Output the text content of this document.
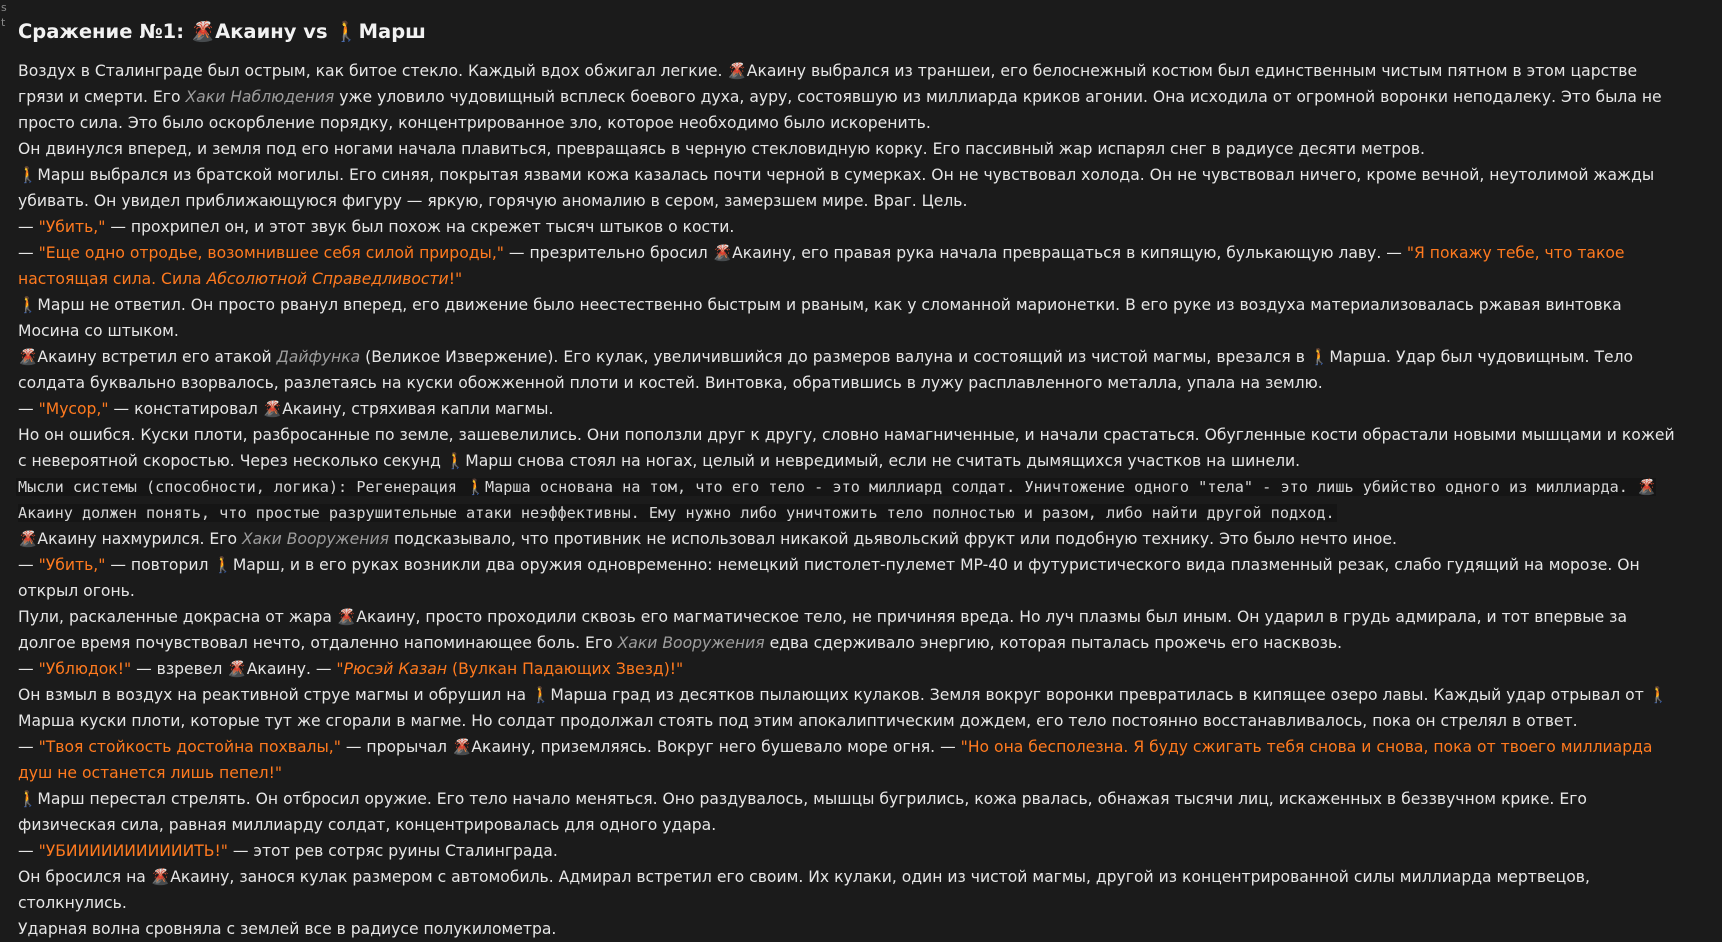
s
t Сражение №1: 🌋Акаину vs 🚶Марш

Воздух в Сталинграде был острым, как битое стекло. Каждый вдох обжигал легкие. 🌋Акаину выбрался из траншеи, его белоснежный костюм был единственным чистым пятном в этом царстве грязи и смерти. Его Хаки Наблюдения уже уловило чудовищный всплеск боевого духа, ауру, состоявшую из миллиарда криков агонии. Она исходила от огромной воронки неподалеку. Это была не просто сила. Это было оскорбление порядку, концентрированное зло, которое необходимо было искоренить.

Он двинулся вперед, и земля под его ногами начала плавиться, превращаясь в черную стекловидную корку. Его пассивный жар испарял снег в радиусе десяти метров.

🚶Марш выбрался из братской могилы. Его синяя, покрытая язвами кожа казалась почти черной в сумерках. Он не чувствовал холода. Он не чувствовал ничего, кроме вечной, неутолимой жажды убивать. Он увидел приближающуюся фигуру — яркую, горячую аномалию в сером, замерзшем мире. Враг. Цель.

— "Убить," — прохрипел он, и этот звук был похож на скрежет тысяч штыков о кости.

— "Еще одно отродье, возомнившее себя силой природы," — презрительно бросил 🌋Акаину, его правая рука начала превращаться в кипящую, булькающую лаву. — "Я покажу тебе, что такое настоящая сила. Сила Абсолютной Справедливости!"

🚶Марш не ответил. Он просто рванул вперед, его движение было неестественно быстрым и рваным, как у сломанной марионетки. В его руке из воздуха материализовалась ржавая винтовка Мосина со штыком.

🌋Акаину встретил его атакой Дайфунка (Великое Извержение). Его кулак, увеличившийся до размеров валуна и состоящий из чистой магмы, врезался в 🚶Марша. Удар был чудовищным. Тело солдата буквально взорвалось, разлетаясь на куски обожженной плоти и костей. Винтовка, обратившись в лужу расплавленного металла, упала на землю.

— "Мусор," — констатировал 🌋Акаину, стряхивая капли магмы.

Но он ошибся. Куски плоти, разбросанные по земле, зашевелились. Они поползли друг к другу, словно намагниченные, и начали срастаться. Обугленные кости обрастали новыми мышцами и кожей с невероятной скоростью. Через несколько секунд 🚶Марш снова стоял на ногах, целый и невредимый, если не считать дымящихся участков на шинели.

Мысли системы (способности, логика): Регенерация 🚶Марша основана на том, что его тело - это миллиард солдат. Уничтожение одного "тела" - это лишь убийство одного из миллиарда. 🌋Акаину должен понять, что простые разрушительные атаки неэффективны. Ему нужно либо уничтожить тело полностью и разом, либо найти другой подход.

🌋Акаину нахмурился. Его Хаки Вооружения подсказывало, что противник не использовал никакой дьявольский фрукт или подобную технику. Это было нечто иное.

— "Убить," — повторил 🚶Марш, и в его руках возникли два оружия одновременно: немецкий пистолет-пулемет MP-40 и футуристического вида плазменный резак, слабо гудящий на морозе. Он открыл огонь.

Пули, раскаленные докрасна от жара 🌋Акаину, просто проходили сквозь его магматическое тело, не причиняя вреда. Но луч плазмы был иным. Он ударил в грудь адмирала, и тот впервые за долгое время почувствовал нечто, отдаленно напоминающее боль. Его Хаки Вооружения едва сдерживало энергию, которая пыталась прожечь его насквозь.

— "Ублюдок!" — взревел 🌋Акаину. — "Рюсэй Казан (Вулкан Падающих Звезд)!"

Он взмыл в воздух на реактивной струе магмы и обрушил на 🚶Марша град из десятков пылающих кулаков. Земля вокруг воронки превратилась в кипящее озеро лавы. Каждый удар отрывал от 🚶Марша куски плоти, которые тут же сгорали в магме. Но солдат продолжал стоять под этим апокалиптическим дождем, его тело постоянно восстанавливалось, пока он стрелял в ответ.

— "Твоя стойкость достойна похвалы," — прорычал 🌋Акаину, приземляясь. Вокруг него бушевало море огня. — "Но она бесполезна. Я буду сжигать тебя снова и снова, пока от твоего миллиарда душ не останется лишь пепел!"

🚶Марш перестал стрелять. Он отбросил оружие. Его тело начало меняться. Оно раздувалось, мышцы бугрились, кожа рвалась, обнажая тысячи лиц, искаженных в беззвучном крике. Его физическая сила, равная миллиарду солдат, концентрировалась для одного удара.

— "УБИИИИИИИИИИИТЬ!" — этот рев сотряс руины Сталинграда.

Он бросился на 🌋Акаину, занося кулак размером с автомобиль. Адмирал встретил его своим. Их кулаки, один из чистой магмы, другой из концентрированной силы миллиарда мертвецов, столкнулись.

Ударная волна сровняла с землей все в радиусе полукилометра.
